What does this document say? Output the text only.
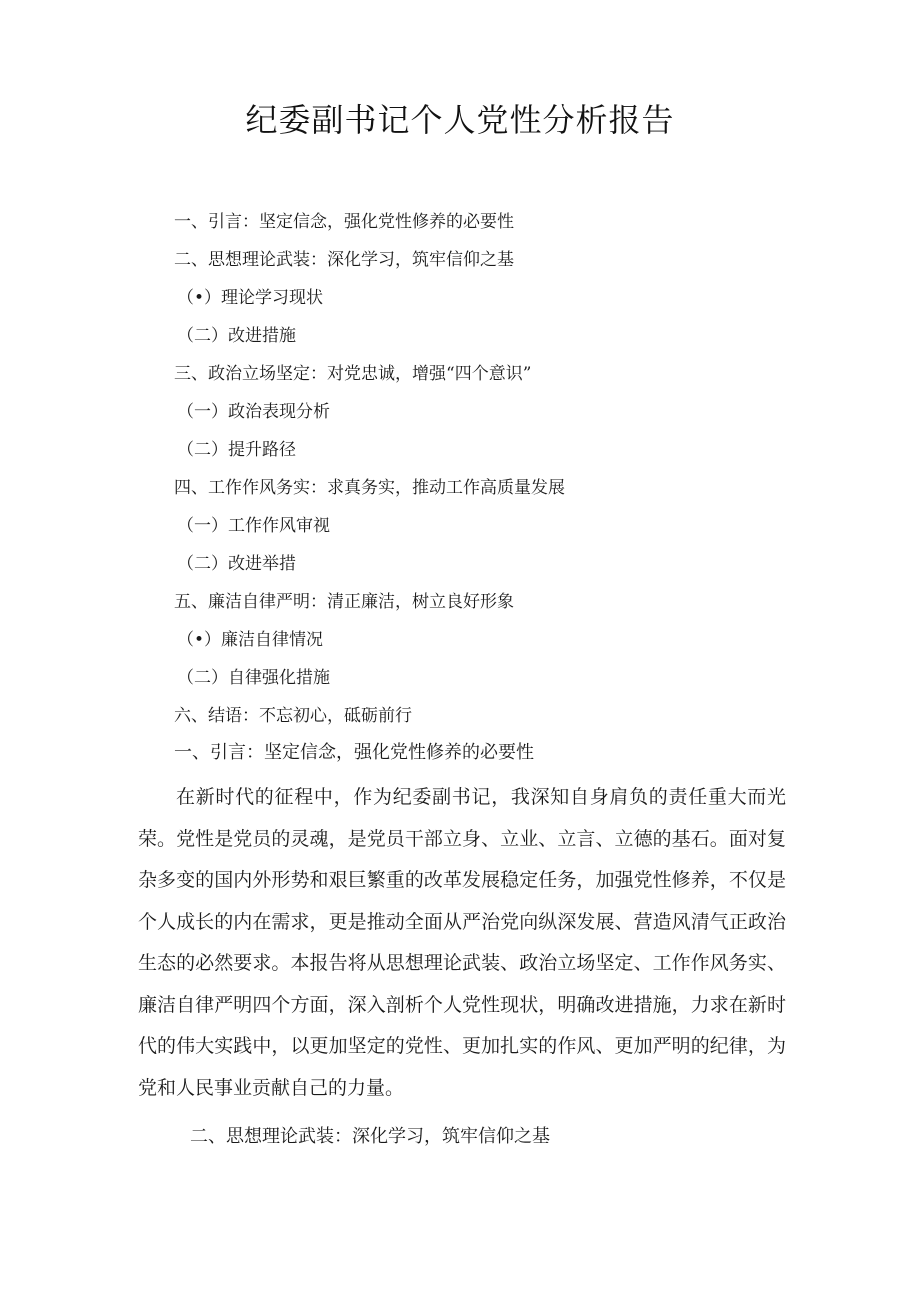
纪委副书记个人党性分析报告
一、引言：坚定信念，强化党性修养的必要性
二、思想理论武装：深化学习，筑牢信仰之基
（•）理论学习现状
（二）改进措施
三、政治立场坚定：对党忠诚，增强“四个意识”
（一）政治表现分析
（二）提升路径
四、工作作风务实：求真务实，推动工作高质量发展
（一）工作作风审视
（二）改进举措
五、廉洁自律严明：清正廉洁，树立良好形象
（•）廉洁自律情况
（二）自律强化措施
六、结语：不忘初心，砥砺前行
一、引言：坚定信念，强化党性修养的必要性

在新时代的征程中，作为纪委副书记，我深知自身肩负的责任重大而光荣。党性是党员的灵魂，是党员干部立身、立业、立言、立德的基石。面对复杂多变的国内外形势和艰巨繁重的改革发展稳定任务，加强党性修养，不仅是个人成长的内在需求，更是推动全面从严治党向纵深发展、营造风清气正政治生态的必然要求。本报告将从思想理论武装、政治立场坚定、工作作风务实、廉洁自律严明四个方面，深入剖析个人党性现状，明确改进措施，力求在新时代的伟大实践中，以更加坚定的党性、更加扎实的作风、更加严明的纪律，为党和人民事业贡献自己的力量。

二、思想理论武装：深化学习，筑牢信仰之基
